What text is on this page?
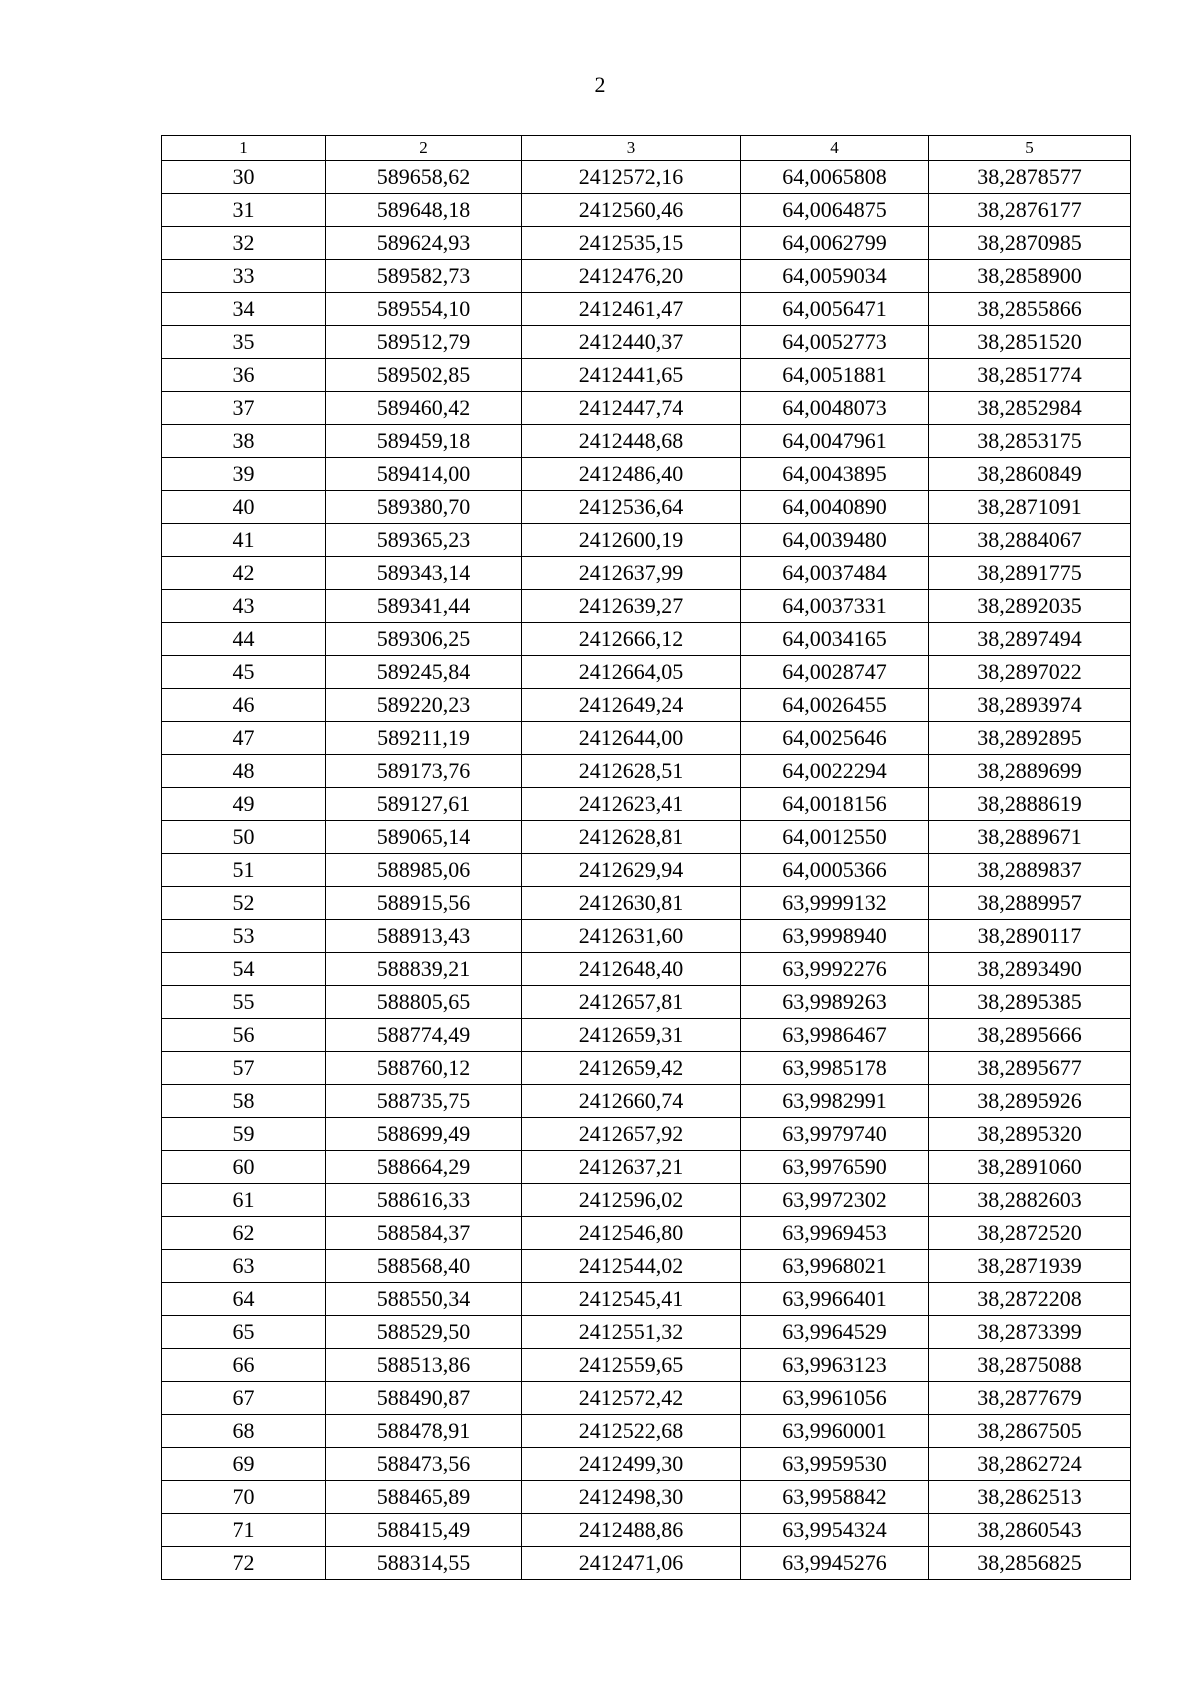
2
1	2	3	4	5
30	589658,62	2412572,16	64,0065808	38,2878577
31	589648,18	2412560,46	64,0064875	38,2876177
32	589624,93	2412535,15	64,0062799	38,2870985
33	589582,73	2412476,20	64,0059034	38,2858900
34	589554,10	2412461,47	64,0056471	38,2855866
35	589512,79	2412440,37	64,0052773	38,2851520
36	589502,85	2412441,65	64,0051881	38,2851774
37	589460,42	2412447,74	64,0048073	38,2852984
38	589459,18	2412448,68	64,0047961	38,2853175
39	589414,00	2412486,40	64,0043895	38,2860849
40	589380,70	2412536,64	64,0040890	38,2871091
41	589365,23	2412600,19	64,0039480	38,2884067
42	589343,14	2412637,99	64,0037484	38,2891775
43	589341,44	2412639,27	64,0037331	38,2892035
44	589306,25	2412666,12	64,0034165	38,2897494
45	589245,84	2412664,05	64,0028747	38,2897022
46	589220,23	2412649,24	64,0026455	38,2893974
47	589211,19	2412644,00	64,0025646	38,2892895
48	589173,76	2412628,51	64,0022294	38,2889699
49	589127,61	2412623,41	64,0018156	38,2888619
50	589065,14	2412628,81	64,0012550	38,2889671
51	588985,06	2412629,94	64,0005366	38,2889837
52	588915,56	2412630,81	63,9999132	38,2889957
53	588913,43	2412631,60	63,9998940	38,2890117
54	588839,21	2412648,40	63,9992276	38,2893490
55	588805,65	2412657,81	63,9989263	38,2895385
56	588774,49	2412659,31	63,9986467	38,2895666
57	588760,12	2412659,42	63,9985178	38,2895677
58	588735,75	2412660,74	63,9982991	38,2895926
59	588699,49	2412657,92	63,9979740	38,2895320
60	588664,29	2412637,21	63,9976590	38,2891060
61	588616,33	2412596,02	63,9972302	38,2882603
62	588584,37	2412546,80	63,9969453	38,2872520
63	588568,40	2412544,02	63,9968021	38,2871939
64	588550,34	2412545,41	63,9966401	38,2872208
65	588529,50	2412551,32	63,9964529	38,2873399
66	588513,86	2412559,65	63,9963123	38,2875088
67	588490,87	2412572,42	63,9961056	38,2877679
68	588478,91	2412522,68	63,9960001	38,2867505
69	588473,56	2412499,30	63,9959530	38,2862724
70	588465,89	2412498,30	63,9958842	38,2862513
71	588415,49	2412488,86	63,9954324	38,2860543
72	588314,55	2412471,06	63,9945276	38,2856825
